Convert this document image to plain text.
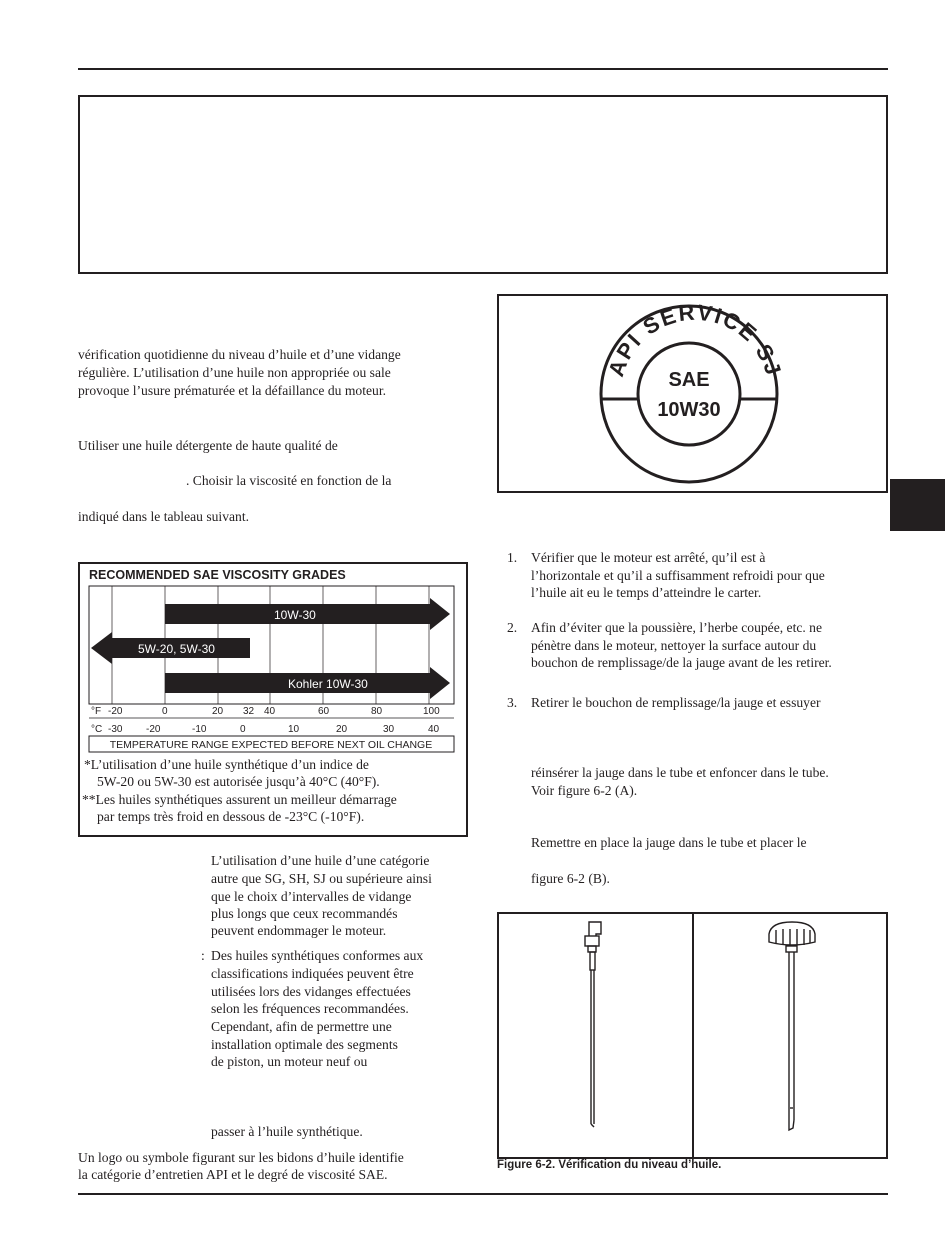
vérification quotidienne du niveau d’huile et d’une vidange
régulière. L’utilisation d’une huile non appropriée ou sale
provoque l’usure prématurée et la défaillance du moteur.
Utiliser une huile détergente de haute qualité de
. Choisir la viscosité en fonction de la
indiqué dans le tableau suivant.
RECOMMENDED SAE VISCOSITY GRADES
10W-30
5W-20, 5W-30
Kohler 10W-30
°F -20	0	20 32 40	60	80	100
°C -30 -20	-10	0	10	20	30	40
TEMPERATURE RANGE EXPECTED BEFORE NEXT OIL CHANGE
*L’utilisation d’une huile synthétique d’un indice de
5W-20 ou 5W-30 est autorisée jusqu’à 40°C (40°F).
**Les huiles synthétiques assurent un meilleur démarrage
par temps très froid en dessous de -23°C (-10°F).
L’utilisation d’une huile d’une catégorie
autre que SG, SH, SJ ou supérieure ainsi
que le choix d’intervalles de vidange
plus longs que ceux recommandés
peuvent endommager le moteur.
: Des huiles synthétiques conformes aux
classifications indiquées peuvent être
utilisées lors des vidanges effectuées
selon les fréquences recommandées.
Cependant, afin de permettre une
installation optimale des segments
de piston, un moteur neuf ou
passer à l’huile synthétique.
Un logo ou symbole figurant sur les bidons d’huile identifie
la catégorie d’entretien API et le degré de viscosité SAE.
API SERVICE SJ
SAE
10W30
1. Vérifier que le moteur est arrêté, qu’il est à
l’horizontale et qu’il a suffisamment refroidi pour que
l’huile ait eu le temps d’atteindre le carter.
2. Afin d’éviter que la poussière, l’herbe coupée, etc. ne
pénètre dans le moteur, nettoyer la surface autour du
bouchon de remplissage/de la jauge avant de les retirer.
3. Retirer le bouchon de remplissage/la jauge et essuyer
réinsérer la jauge dans le tube et enfoncer dans le tube.
Voir figure 6-2 (A).
Remettre en place la jauge dans le tube et placer le
figure 6-2 (B).
Figure 6-2. Vérification du niveau d’huile.
